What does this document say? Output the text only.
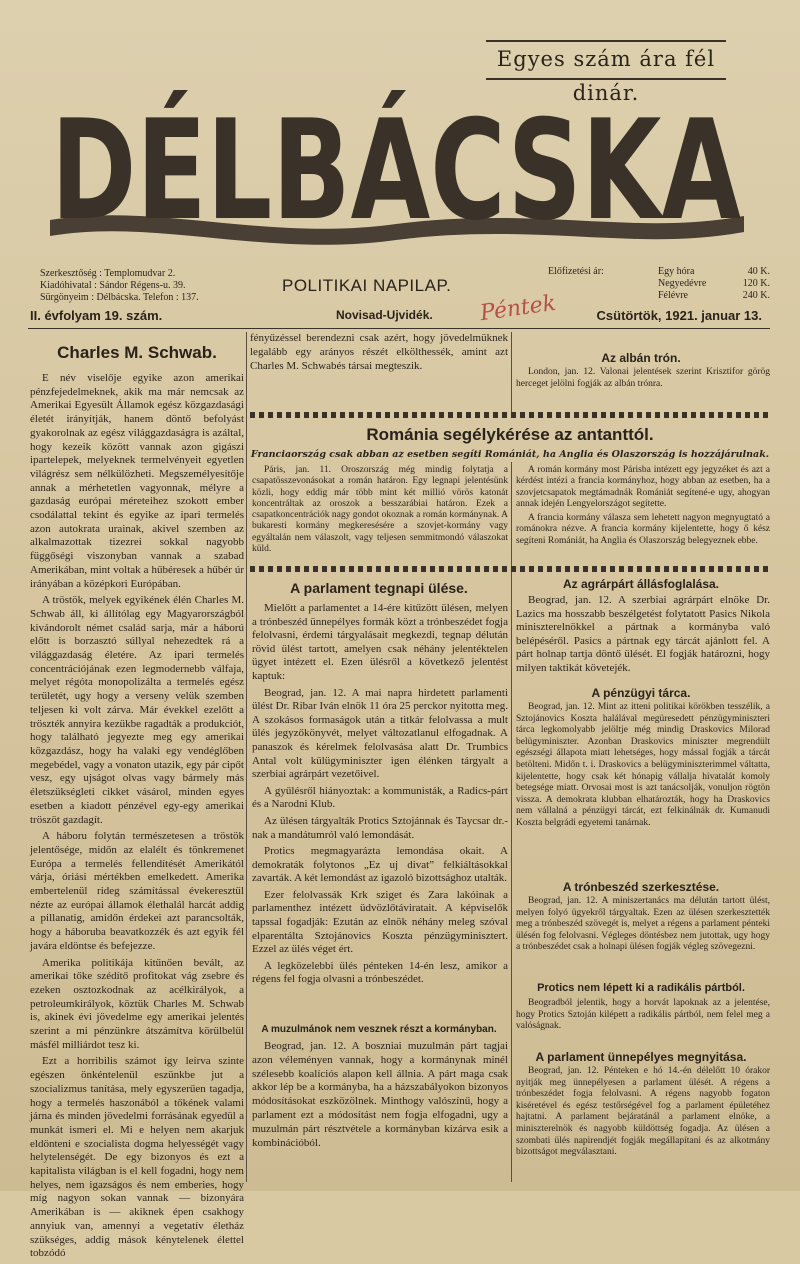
Egyes szám ára fél dinár.
DÉLBÁCSKA
Szerkesztőség : Templomudvar 2.
Kiadóhivatal : Sándor Régens-u. 39.
Sürgönyeim : Délbácska. Telefon : 137.
POLITIKAI NAPILAP.
Előfizetési ár:	Egy hóra	40 K.
Negyedévre	120 K.
Félévre	240 K.
II. évfolyam 19. szám.	Novisad-Ujvidék.	Csütörtök, 1921. januar 13.
Péntek
Charles M. Schwab.

E név viselője egyike azon amerikai pénzfejedelmeknek, akik ma már nemcsak az Amerikai Egyesült Államok egész közgazdasági életét irányítják, hanem döntő befolyást gyakorolnak az egész világgazdaságra is azáltal, hogy kezeik között vannak azon gigászi ipartelepek, melyeknek termelvényeit egyetlen világrész sem nélkülözheti. Megszemélyesítője annak a mérhetetlen vagyonnak, mélyre a gazdaság európai méreteihez szokott ember csodálattal tekint és egyike az ipari termelés azon autokrata urainak, akivel szemben az alkalmazottak tizezrei sokkal nagyobb függőségi viszonyban vannak a szabad Amerikában, mint voltak a hűbéresek a hűbér úr irányában a középkori Európában.

A tröstök, melyek egyikének élén Charles M. Schwab áll, ki állítólag egy Magyarországból kivándorolt német család sarja, már a háború előtt is borzasztó súllyal nehezedtek rá a világgazdaság életére. Az ipari termelés concentrációjának ezen legmodernebb válfaja, melyet régóta monopolizálta a termelés egész területét, ugy hogy a verseny velük szemben teljesen ki volt zárva. Már évekkel ezelőtt a tröszték annyira kezükbe ragadták a produkciót, hogy található jegyezte meg egy amerikai közgazdász, hogy ha valaki egy vendéglőben megebédel, vagy a vonaton utazik, egy pár cipőt vesz, egy ujságot olvas vagy bármely más életszükségleti cikket vásárol, minden egyes esetben a kiadott pénzével egy-egy amerikai tröszöt gazdagít.

A háboru folytán természetesen a tröstök jelentősége, midőn az elalélt és tönkremenet Európa a termelés fellendítését Amerikától várja, óriási mértékben emelkedett. Amerika embertelenül rideg számítással évekeresztül nézte az európai államok élethalál harcát addig a pillanatig, amidőn érdekei azt parancsolták, hogy a háboruba beavatkozzék és azt egyik fél javára eldöntse és befejezze.

Amerika politikája kitűnően bevált, az amerikai tőke szédítő profitokat vág zsebre és ezeken osztozkodnak az acélkirályok, a petroleumkirályok, köztük Charles M. Schwab is, akinek évi jövedelme egy amerikai jelentés szerint a mi pénzünkre átszámítva körülbelül másfél milliárdot tesz ki.

Ezt a horribilis számot így leírva szinte egészen önkéntelenül eszünkbe jut a szocializmus tanítása, mely egyszerűen tagadja, hogy a termelés haszonából a tőkének valami járna és minden jövedelmi forrásának egyedül a munkát ismeri el. Mi e helyen nem akarjuk eldönteni e szocialista dogma helyességét vagy helytelenségét. De egy bizonyos és ezt a kapitalista világban is el kell fogadni, hogy nem helyes, nem igazságos és nem emberies, hogy míg nagyon sokan vannak — bizonyára Amerikában is — akiknek épen csakhogy annyiuk van, amennyi a vegetatív életház szükséges, addig mások kénytelenek élettel tobzódó

fényűzéssel berendezni csak azért, hogy jövedelmüknek legalább egy arányos részét elkölthessék, amint azt Charles M. Schwabés társai megteszik.

Az albán trón.

London, jan. 12. Valonai jelentések szerint Krisztifor görög herceget jelölni fogják az albán trónra.

Románia segélykérése az antanttól.
Franciaország csak abban az esetben segíti Romániát, ha Anglia és Olaszország is hozzájárulnak.

Páris, jan. 11. Oroszország még mindig folytatja a csapatösszevonásokat a román határon. Egy legnapi jelentésünk közli, hogy eddig már több mint két millió vörös katonát koncentráltak az oroszok a besszarábiai határon. Ezek a csapatkoncentrációk nagy gondot okoznak a román kormánynak. A bukaresti kormány megkeresésére a szovjet-kormány vagy egyáltalán nem válaszolt, vagy teljesen semmitmondó válaszokat küld.

A román kormány most Párisba intézett egy jegyzéket és azt a kérdést intézi a francia kormányhoz, hogy abban az esetben, ha a szovjetcsapatok megtámadnák Romániát segítené-e ugy, ahogyan annak idején Lengyelországot segítette.

A francia kormány válasza sem lehetett nagyon megnyugtató a románokra nézve. A francia kormány kijelentette, hogy ő kész segíteni Romániát, ha Anglia és Olaszország belegyeznek ebbe.

A parlament tegnapi ülése.

Mielőtt a parlamentet a 14-ére kitűzött ülésen, melyen a trónbeszéd ünnepélyes formák közt a trónbeszédet fogja felolvasni, érdemi tárgyalásait megkezdi, tegnap délután rövid ülést tartott, amelyen csak néhány jelentéktelen ügyet intézett el. Ezen ülésről a következő jelentést kaptuk:

Beograd, jan. 12. A mai napra hirdetett parlamenti ülést Dr. Ribar Iván elnök 11 óra 25 perckor nyitotta meg. A szokásos formaságok után a titkár felolvassa a mult ülés jegyzőkönyvét, melyet változatlanul elfogadnak. A panaszok és kérelmek felolvasása alatt Dr. Trumbics Antal volt külügyminiszter igen élénken tárgyalt a szerbiai agrárpárt vezetőivel.

A gyűlésről hiányoztak: a kommunisták, a Radics-párt és a Narodni Klub.

Az ülésen tárgyalták Protics Sztojánnak és Taycsar dr.-nak a mandátumról való lemondását.

Protics megmagyarázta lemondása okait. A demokraták folytonos „Ez uj divat” felkiáltásokkal zavarták. A két lemondást az igazoló bizottsághoz utalták.

Ezer felolvassák Krk sziget és Zara lakóinak a parlamenthez intézett üdvözlőtáviratait. A képviselők tapssal fogadják: Ezután az elnök néhány meleg szóval elparentálta Sztojánovics Koszta pénzügyminisztert. Ezzel az ülés véget ért.

A legközelebbi ülés pénteken 14-én lesz, amikor a régens fel fogja olvasni a trónbeszédet.

A muzulmánok nem vesznek részt a kormányban.

Beograd, jan. 12. A boszniai muzulmán párt tagjai azon véleményen vannak, hogy a kormánynak minél szélesebb koalíciós alapon kell állnia. A párt maga csak akkor lép be a kormányba, ha a házszabályokon bizonyos módosításokat eszközölnek. Minthogy valószínű, hogy a parlament ezt a módosítást nem fogja elfogadni, ugy a muzulmán párt résztvétele a kormányban kizárva esik a kombinációból.

Az agrárpárt állásfoglalása.

Beograd, jan. 12. A szerbiai agrárpárt elnöke Dr. Lazics ma hosszabb beszélgetést folytatott Pasics Nikola miniszterelnökkel a pártnak a kormányba való belépéséről. Pasics a pártnak egy tárcát ajánlott fel. A párt holnap tartja döntő ülését. El fogják határozni, hogy milyen taktikát követejék.

A pénzügyi tárca.

Beograd, jan. 12. Mint az itteni politikai körökben tesszélik, a Sztojánovics Koszta halálával megüresedett pénzügyminiszteri tárca legkomolyabb jelöltje még mindig Draskovics Milorad belügyminiszter. Azonban Draskovics miniszter megrendült egészségi állapota miatt lehetséges, hogy mással fogják a tárcát betölteni. Midőn t. i. Draskovics a belügyminiszterimmel váltatta, kijelentette, hogy csak két hónapig vállalja hivatalát komoly betegsége miatt. Orvosai most is azt tanácsolják, vonuljon rögtön vissza. A demokrata klubban elhatározták, hogy ha Draskovics nem vállalná a pénzügyi tárcát, ezt felkinálnák dr. Kumanudi Koszta belgrádi egyetemi tanárnak.

A trónbeszéd szerkesztése.

Beograd, jan. 12. A miniszertanács ma délután tartott ülést, melyen folyó ügyekről tárgyaltak. Ezen az ülésen szerkesztették meg a trónbeszéd szövegét is, melyet a régens a parlament pénteki ülésén fog felolvasni. Végleges döntésbez nem jutottak, ugy hogy a trónbeszédet csak a holnapi ülésen fogják végleg szövegezni.

Protics nem lépett ki a radikális pártból.

Beogradból jelentik, hogy a horvát lapoknak az a jelentése, hogy Protics Sztoján kilépett a radikális pártból, nem felel meg a valóságnak.

A parlament ünnepélyes megnyitása.

Beograd, jan. 12. Pénteken e hó 14.-én délelőtt 10 órakor nyitják meg ünnepélyesen a parlament ülését. A régens a trónbeszédet fogja felolvasni. A régens nagyobb fogaton kiséretével és egész testőrségével fog a parlament épületéhez hajtatni. A parlament bejáratánál a parlament elnöke, a miniszterelnök és nagyobb küldöttség fogadja. Az ülésen a szombati ülés napirendjét fogják megállapítani és az alkotmány bizottságot megválasztani.
